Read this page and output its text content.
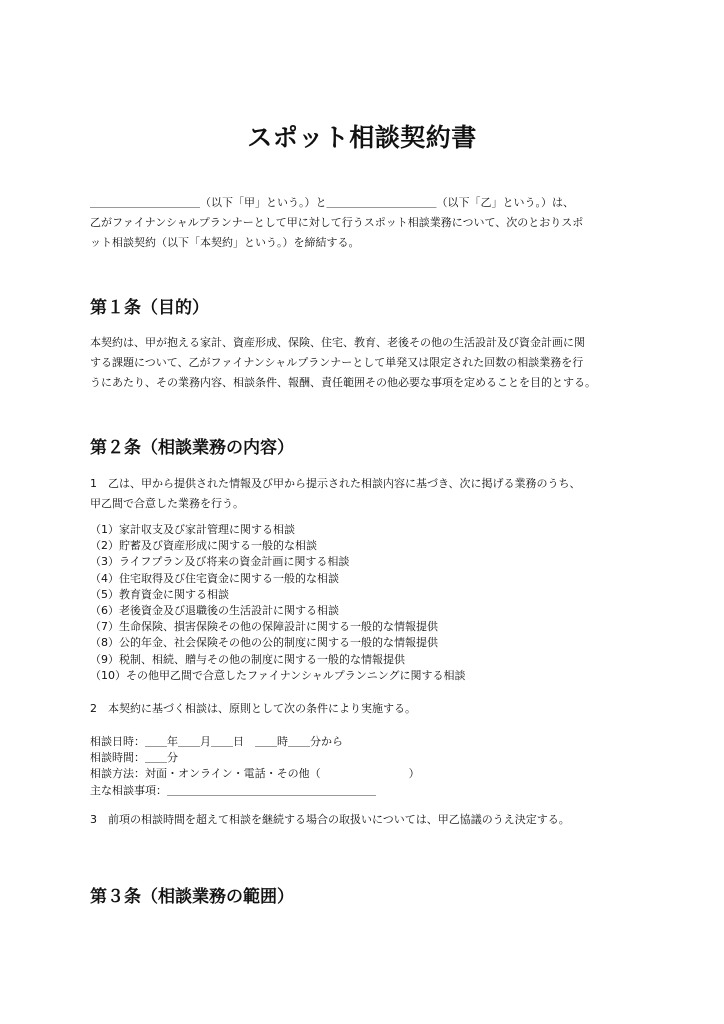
スポット相談契約書

＿＿＿＿＿＿＿＿＿＿（以下「甲」という。）と＿＿＿＿＿＿＿＿＿＿（以下「乙」という。）は、

乙がファイナンシャルプランナーとして甲に対して行うスポット相談業務について、次のとおりスポ

ット相談契約（以下「本契約」という。）を締結する。

第１条（目的）

本契約は、甲が抱える家計、資産形成、保険、住宅、教育、老後その他の生活設計及び資金計画に関

する課題について、乙がファイナンシャルプランナーとして単発又は限定された回数の相談業務を行

うにあたり、その業務内容、相談条件、報酬、責任範囲その他必要な事項を定めることを目的とする。

第２条（相談業務の内容）

1　乙は、甲から提供された情報及び甲から提示された相談内容に基づき、次に掲げる業務のうち、

甲乙間で合意した業務を行う。

（1）家計収支及び家計管理に関する相談
（2）貯蓄及び資産形成に関する一般的な相談
（3）ライフプラン及び将来の資金計画に関する相談
（4）住宅取得及び住宅資金に関する一般的な相談
（5）教育資金に関する相談
（6）老後資金及び退職後の生活設計に関する相談
（7）生命保険、損害保険その他の保障設計に関する一般的な情報提供
（8）公的年金、社会保険その他の公的制度に関する一般的な情報提供
（9）税制、相続、贈与その他の制度に関する一般的な情報提供
（10）その他甲乙間で合意したファイナンシャルプランニングに関する相談

2　本契約に基づく相談は、原則として次の条件により実施する。

相談日時：＿＿年＿＿月＿＿日　＿＿時＿＿分から
相談時間：＿＿分
相談方法：対面・オンライン・電話・その他（　　　　　　　　）
主な相談事項：＿＿＿＿＿＿＿＿＿＿＿＿＿＿＿＿＿＿＿

3　前項の相談時間を超えて相談を継続する場合の取扱いについては、甲乙協議のうえ決定する。

第３条（相談業務の範囲）
